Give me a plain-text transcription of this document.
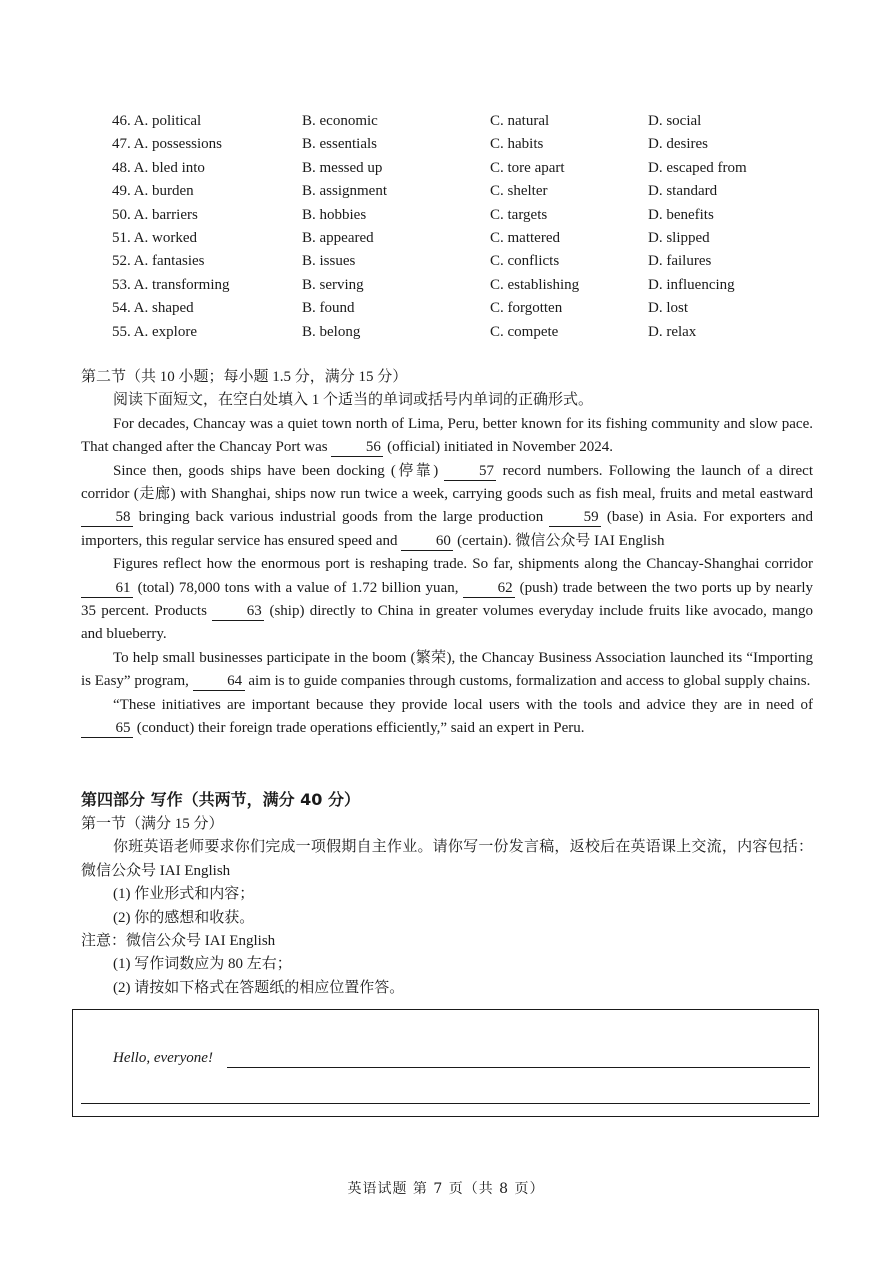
46. A. political	B. economic	C. natural	D. social
47. A. possessions	B. essentials	C. habits	D. desires
48. A. bled into	B. messed up	C. tore apart	D. escaped from
49. A. burden	B. assignment	C. shelter	D. standard
50. A. barriers	B. hobbies	C. targets	D. benefits
51. A. worked	B. appeared	C. mattered	D. slipped
52. A. fantasies	B. issues	C. conflicts	D. failures
53. A. transforming	B. serving	C. establishing	D. influencing
54. A. shaped	B. found	C. forgotten	D. lost
55. A. explore	B. belong	C. compete	D. relax

第二节（共 10 小题；每小题 1.5 分，满分 15 分）

阅读下面短文，在空白处填入 1 个适当的单词或括号内单词的正确形式。

For decades, Chancay was a quiet town north of Lima, Peru, better known for its fishing community and slow pace. That changed after the Chancay Port was 56 (official) initiated in November 2024.

Since then, goods ships have been docking (停靠) 57 record numbers. Following the launch of a direct corridor (走廊) with Shanghai, ships now run twice a week, carrying goods such as fish meal, fruits and metal eastward 58 bringing back various industrial goods from the large production 59 (base) in Asia. For exporters and importers, this regular service has ensured speed and 60 (certain). 微信公众号 IAI English

Figures reflect how the enormous port is reshaping trade. So far, shipments along the Chancay-Shanghai corridor 61 (total) 78,000 tons with a value of 1.72 billion yuan, 62 (push) trade between the two ports up by nearly 35 percent. Products 63 (ship) directly to China in greater volumes everyday include fruits like avocado, mango and blueberry.

To help small businesses participate in the boom (繁荣), the Chancay Business Association launched its “Importing is Easy” program, 64 aim is to guide companies through customs, formalization and access to global supply chains.

“These initiatives are important because they provide local users with the tools and advice they are in need of 65 (conduct) their foreign trade operations efficiently,” said an expert in Peru.

第四部分 写作（共两节，满分 40 分）

第一节（满分 15 分）

你班英语老师要求你们完成一项假期自主作业。请你写一份发言稿，返校后在英语课上交流，内容包括：微信公众号 IAI English

(1) 作业形式和内容；

(2) 你的感想和收获。

注意：微信公众号 IAI English

(1) 写作词数应为 80 左右；

(2) 请按如下格式在答题纸的相应位置作答。

Hello, everyone!
英语试题 第 7 页（共 8 页）
